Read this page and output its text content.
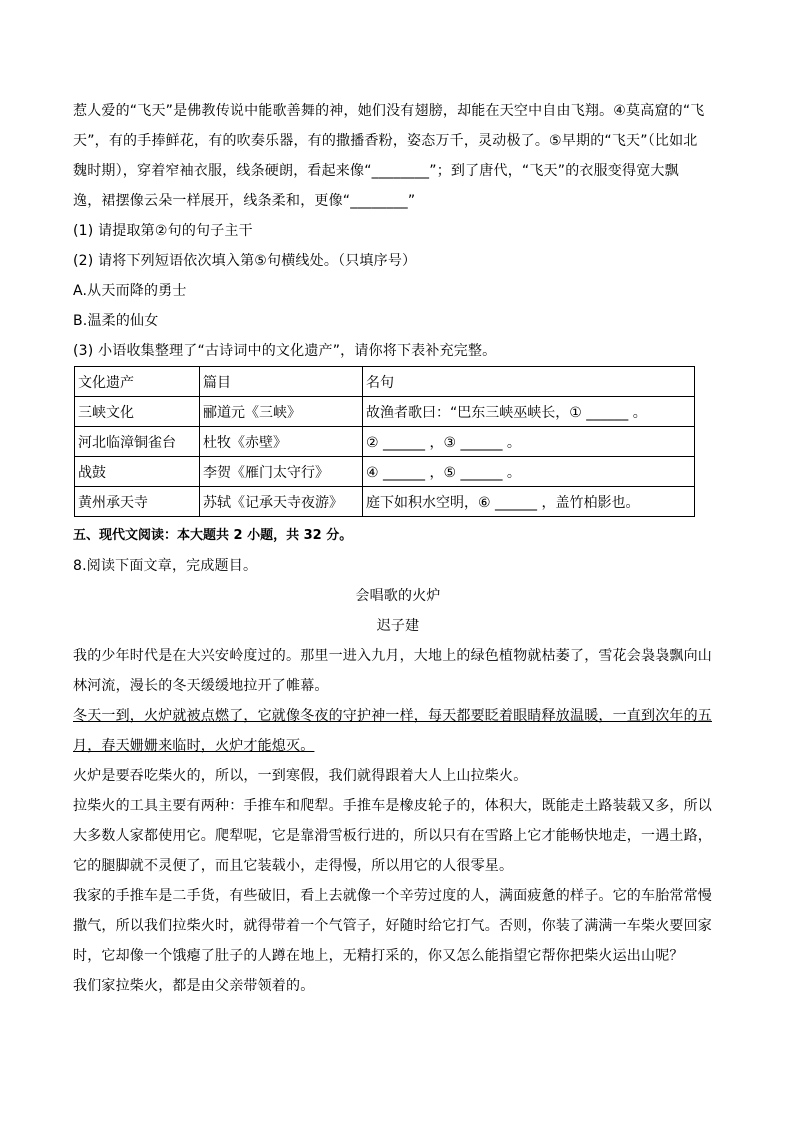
惹人爱的“飞天”是佛教传说中能歌善舞的神，她们没有翅膀，却能在天空中自由飞翔。④莫高窟的“飞

天”，有的手捧鲜花，有的吹奏乐器，有的撒播香粉，姿态万千，灵动极了。⑤早期的“飞天”（比如北

魏时期），穿着窄袖衣服，线条硬朗，看起来像“________”；到了唐代，“飞天”的衣服变得宽大飘

逸，裙摆像云朵一样展开，线条柔和，更像“________”

(1) 请提取第②句的句子主干

(2) 请将下列短语依次填入第⑤句横线处。（只填序号）

A.从天而降的勇士

B.温柔的仙女

(3) 小语收集整理了“古诗词中的文化遗产”，请你将下表补充完整。

文化遗产	篇目	名句
三峡文化	郦道元《三峡》	故渔者歌曰：“巴东三峡巫峡长，① ______ 。
河北临漳铜雀台	杜牧《赤壁》	② ______ ，③ ______ 。
战鼓	李贺《雁门太守行》	④ ______ ，⑤ ______ 。
黄州承天寺	苏轼《记承天寺夜游》	庭下如积水空明，⑥ ______ ，盖竹柏影也。

五、现代文阅读：本大题共 2 小题，共 32 分。

8.阅读下面文章，完成题目。

会唱歌的火炉

迟子建

我的少年时代是在大兴安岭度过的。那里一进入九月，大地上的绿色植物就枯萎了，雪花会袅袅飘向山林河流，漫长的冬天缓缓地拉开了帷幕。

冬天一到，火炉就被点燃了，它就像冬夜的守护神一样，每天都要眨着眼睛释放温暖，一直到次年的五月，春天姗姗来临时，火炉才能熄灭。

火炉是要吞吃柴火的，所以，一到寒假，我们就得跟着大人上山拉柴火。

拉柴火的工具主要有两种：手推车和爬犁。手推车是橡皮轮子的，体积大，既能走土路装载又多，所以大多数人家都使用它。爬犁呢，它是靠滑雪板行进的，所以只有在雪路上它才能畅快地走，一遇土路，它的腿脚就不灵便了，而且它装载小，走得慢，所以用它的人很零星。

我家的手推车是二手货，有些破旧，看上去就像一个辛劳过度的人，满面疲惫的样子。它的车胎常常慢撒气，所以我们拉柴火时，就得带着一个气管子，好随时给它打气。否则，你装了满满一车柴火要回家时，它却像一个饿瘪了肚子的人蹲在地上，无精打采的，你又怎么能指望它帮你把柴火运出山呢？

我们家拉柴火，都是由父亲带领着的。
